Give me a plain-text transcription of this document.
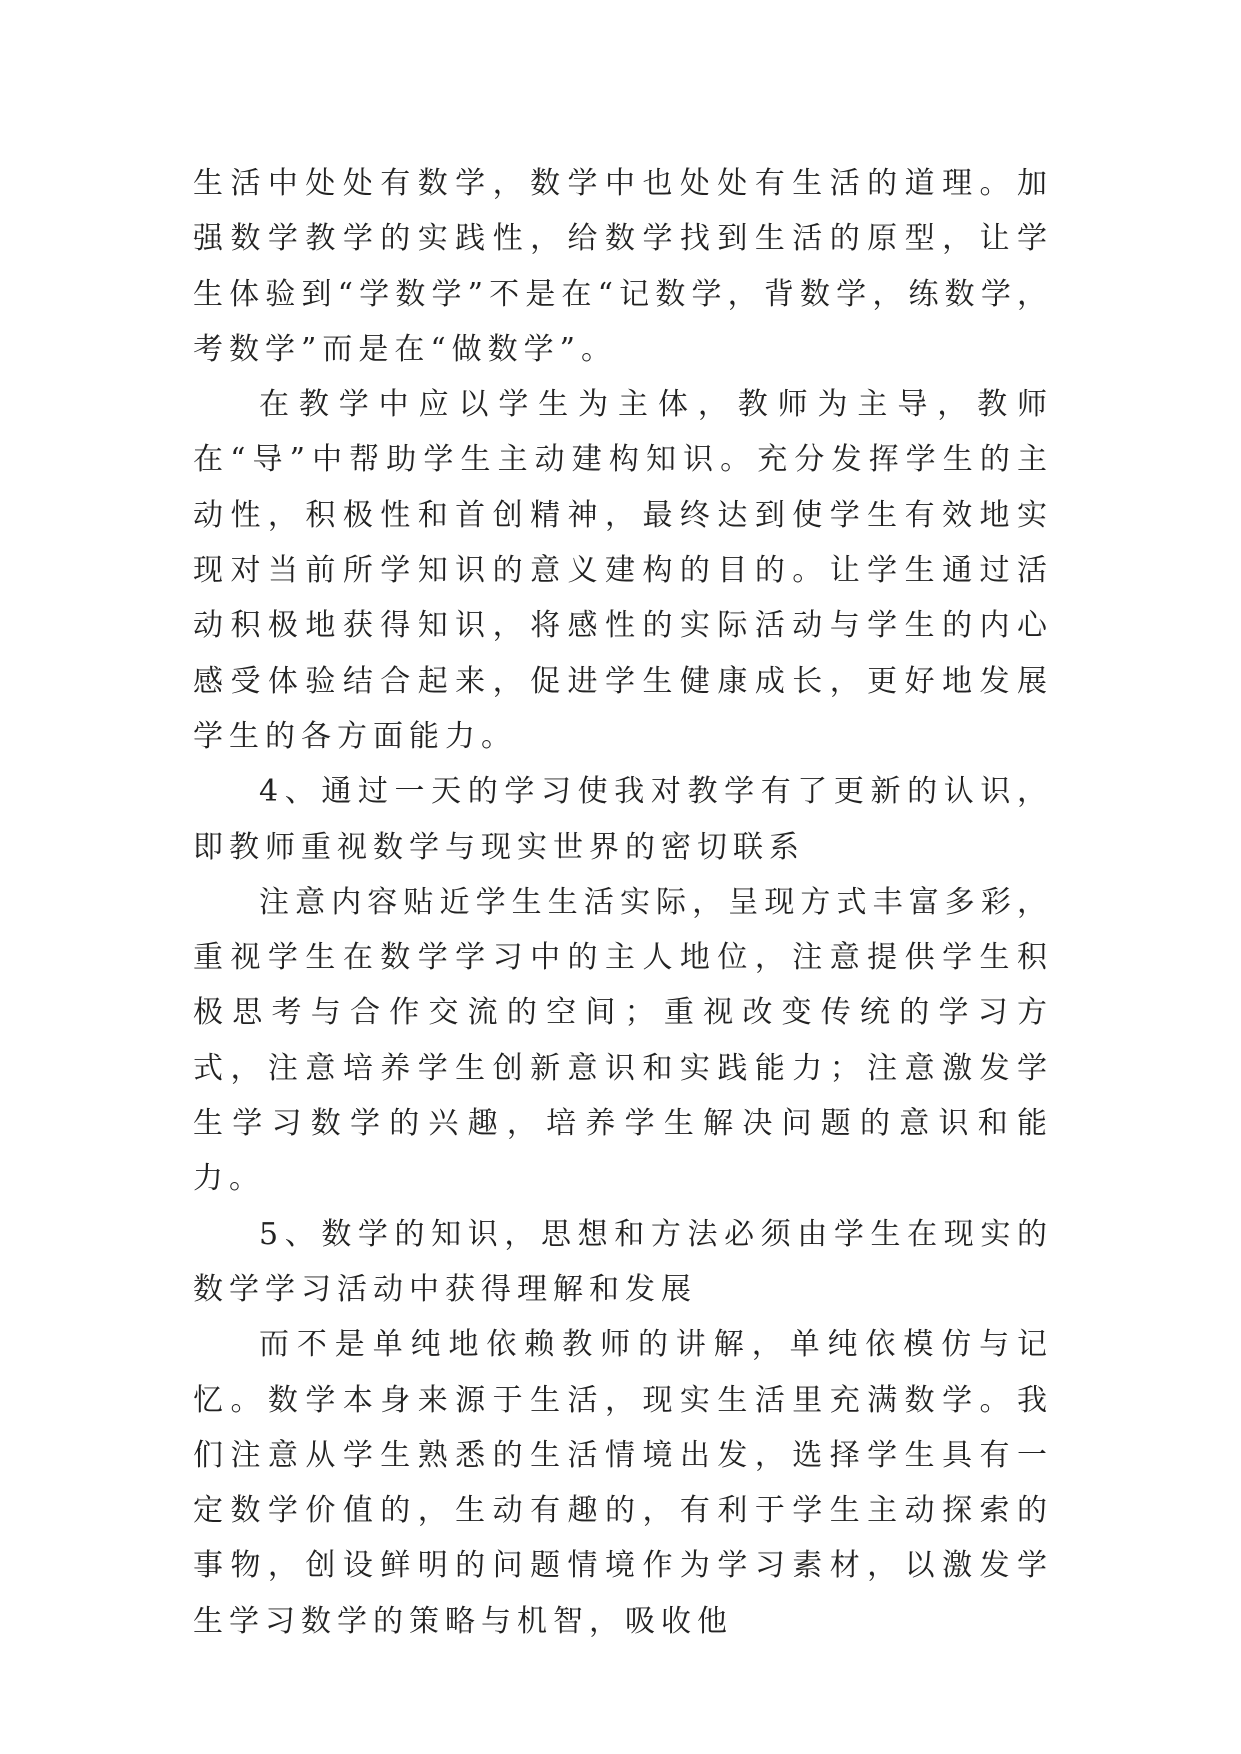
生活中处处有数学，数学中也处处有生活的道理。加强数学教学的实践性，给数学找到生活的原型，让学生体验到“学数学”不是在“记数学，背数学，练数学，考数学”而是在“做数学”。

在教学中应以学生为主体，教师为主导，教师在“导”中帮助学生主动建构知识。充分发挥学生的主动性，积极性和首创精神，最终达到使学生有效地实现对当前所学知识的意义建构的目的。让学生通过活动积极地获得知识，将感性的实际活动与学生的内心感受体验结合起来，促进学生健康成长，更好地发展学生的各方面能力。

4、通过一天的学习使我对教学有了更新的认识，即教师重视数学与现实世界的密切联系

注意内容贴近学生生活实际，呈现方式丰富多彩，重视学生在数学学习中的主人地位，注意提供学生积极思考与合作交流的空间；重视改变传统的学习方式，注意培养学生创新意识和实践能力；注意激发学生学习数学的兴趣，培养学生解决问题的意识和能力。

5、数学的知识，思想和方法必须由学生在现实的数学学习活动中获得理解和发展

而不是单纯地依赖教师的讲解，单纯依模仿与记忆。数学本身来源于生活，现实生活里充满数学。我们注意从学生熟悉的生活情境出发，选择学生具有一定数学价值的，生动有趣的，有利于学生主动探索的事物，创设鲜明的问题情境作为学习素材，以激发学生学习数学的策略与机智，吸收他
